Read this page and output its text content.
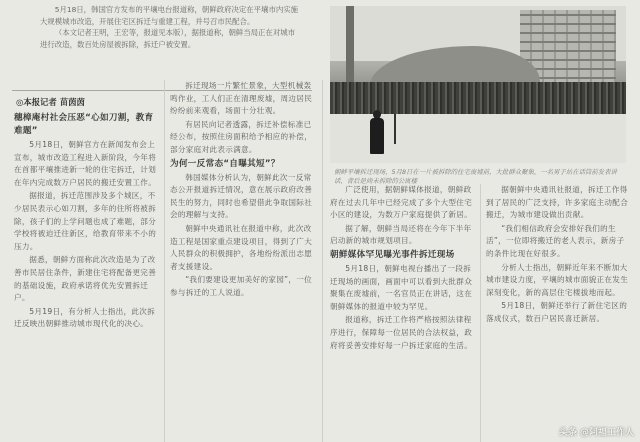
5月18日，韩国官方发布的平壤电台报道称，朝鲜政府决定在平壤市内实施大规模城市改造，开展住宅区拆迁与重建工程，并号召市民配合。

（本文记者王明，王宏等，报道见本版），据报道称，朝鲜当局正在对城市进行改造，数百处房屋被拆除，拆迁户被安置。

◎本报记者 苗茵茵

穗樟庵村社会压恶“心如刀割，教育难题”

5月18日，朝鲜官方在新闻发布会上宣布，城市改造工程进入新阶段，今年将在首都平壤推进新一轮的住宅拆迁，计划在年内完成数万户居民的搬迁安置工作。

据报道，拆迁范围涉及多个城区，不少居民表示心如刀割，多年的住所将被拆除，孩子们的上学问题也成了难题，部分学校将被迫迁往新区，给教育带来不小的压力。

据悉，朝鲜方面称此次改造是为了改善市民居住条件，新建住宅将配备更完善的基础设施，政府承诺将优先安置拆迁户。

5月19日，有分析人士指出，此次拆迁反映出朝鲜推动城市现代化的决心。

拆迁现场一片繁忙景象，大型机械轰鸣作业，工人们正在清理废墟，周边居民纷纷前来观看，场面十分壮观。

有居民向记者透露，拆迁补偿标准已经公布，按照住房面积给予相应的补偿，部分家庭对此表示满意。

为何一反常态“自曝其短”？

韩国媒体分析认为，朝鲜此次一反常态公开报道拆迁情况，意在展示政府改善民生的努力，同时也希望借此争取国际社会的理解与支持。

朝鲜中央通讯社在报道中称，此次改造工程是国家重点建设项目，得到了广大人民群众的积极拥护，各地纷纷派出志愿者支援建设。

“我们要建设更加美好的家园”，一位参与拆迁的工人说道。

朝鲜平壤拆迁现场，5月8日在一片被拆除的住宅废墟前，大批群众聚集，一名男子站在话筒前发表讲话，背后是尚未拆除的公寓楼

广泛使用，据朝鲜媒体报道，朝鲜政府在过去几年中已经完成了多个大型住宅小区的建设，为数万户家庭提供了新居。

据了解，朝鲜当局还将在今年下半年启动新的城市规划项目。

朝鲜媒体罕见曝光事件拆迁现场

5月18日，朝鲜电视台播出了一段拆迁现场的画面，画面中可以看到大批群众聚集在废墟前，一名官员正在讲话，这在朝鲜媒体的报道中较为罕见。

报道称，拆迁工作将严格按照法律程序进行，保障每一位居民的合法权益，政府将妥善安排好每一户拆迁家庭的生活。

据朝鲜中央通讯社报道，拆迁工作得到了居民的广泛支持，许多家庭主动配合搬迁，为城市建设做出贡献。

“我们相信政府会安排好我们的生活”，一位即将搬迁的老人表示，新房子的条件比现在好很多。

分析人士指出，朝鲜近年来不断加大城市建设力度，平壤的城市面貌正在发生深刻变化，新的高层住宅楼拔地而起。

5月18日，朝鲜还举行了新住宅区的落成仪式，数百户居民喜迁新居。

头条 @阿福工作人
